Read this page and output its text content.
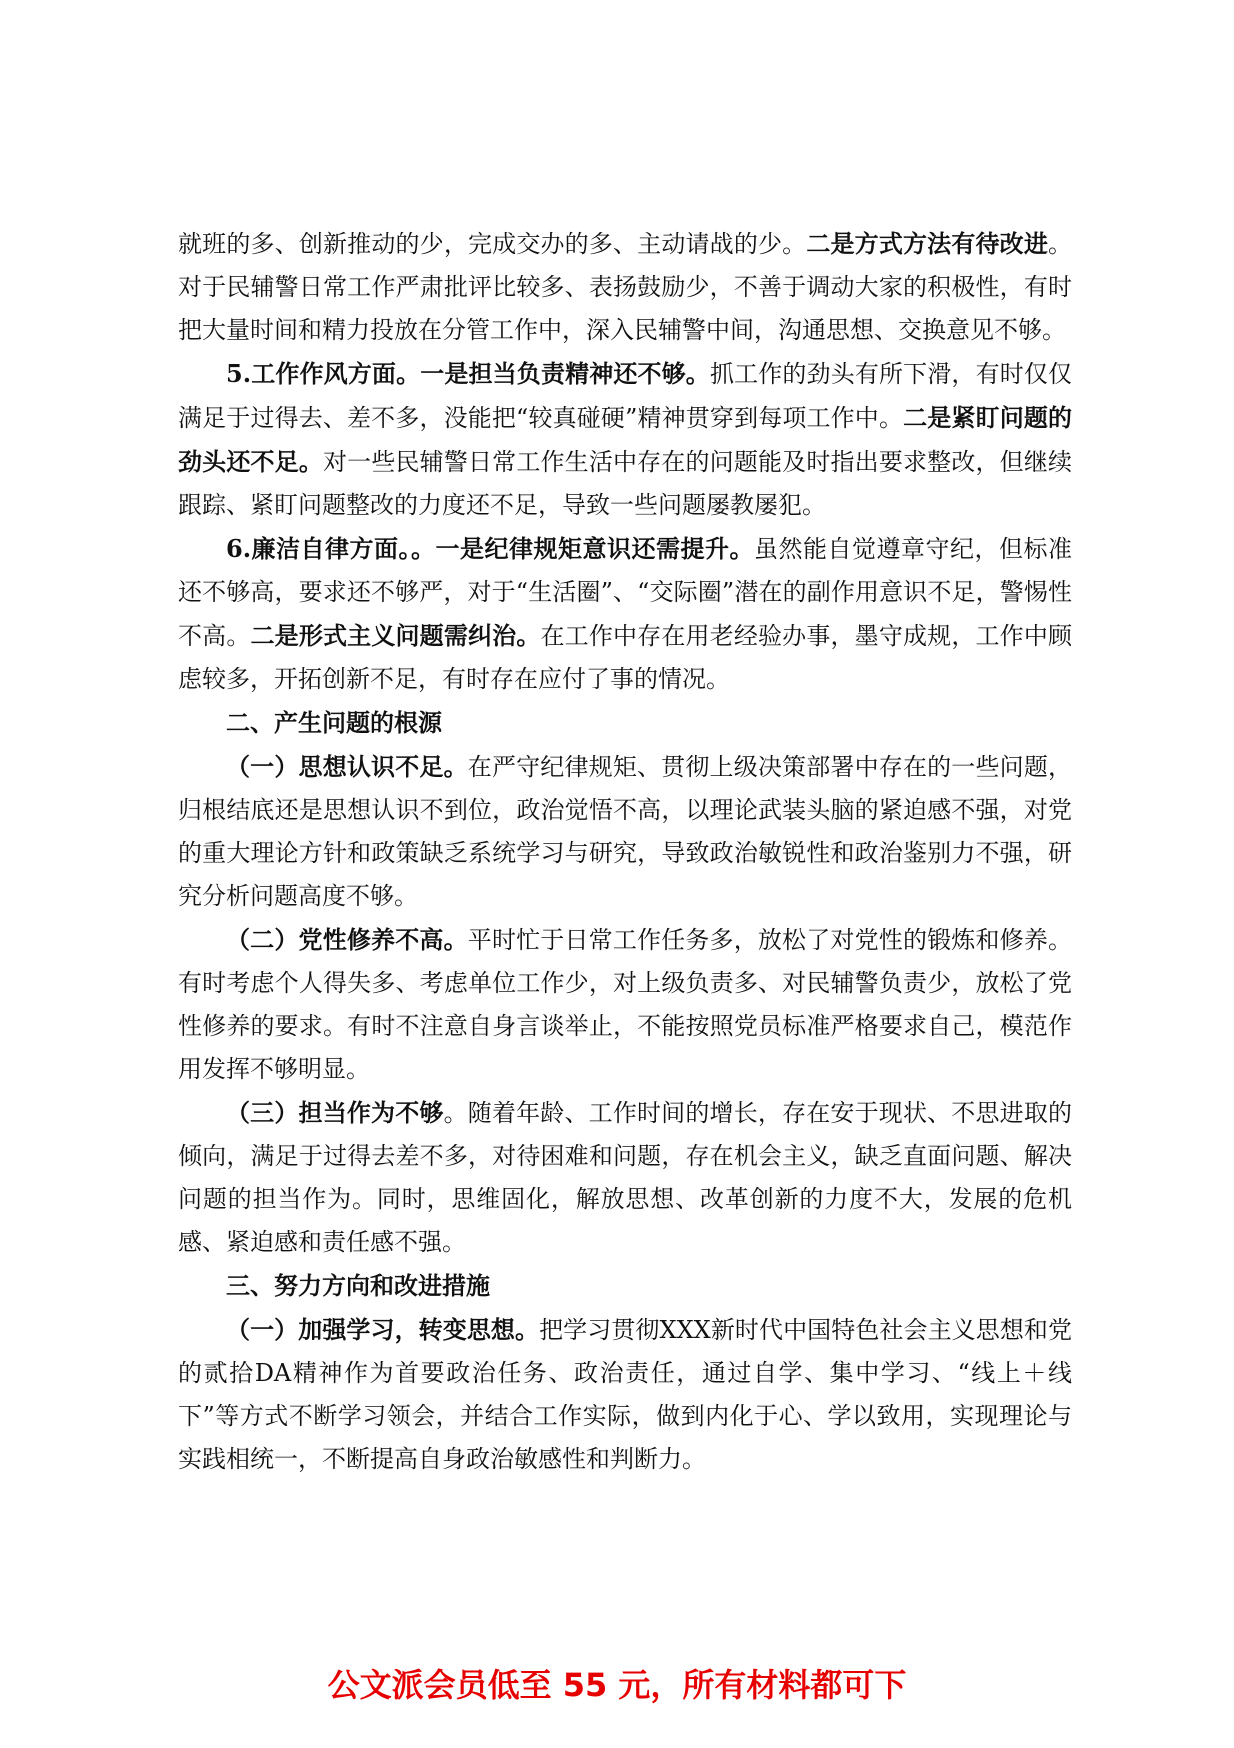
就班的多、创新推动的少，完成交办的多、主动请战的少。二是方式方法有待改进。对于民辅警日常工作严肃批评比较多、表扬鼓励少，不善于调动大家的积极性，有时把大量时间和精力投放在分管工作中，深入民辅警中间，沟通思想、交换意见不够。

5.工作作风方面。一是担当负责精神还不够。抓工作的劲头有所下滑，有时仅仅满足于过得去、差不多，没能把“较真碰硬”精神贯穿到每项工作中。二是紧盯问题的劲头还不足。对一些民辅警日常工作生活中存在的问题能及时指出要求整改，但继续跟踪、紧盯问题整改的力度还不足，导致一些问题屡教屡犯。

6.廉洁自律方面。。一是纪律规矩意识还需提升。虽然能自觉遵章守纪，但标准还不够高，要求还不够严，对于“生活圈”、“交际圈”潜在的副作用意识不足，警惕性不高。二是形式主义问题需纠治。在工作中存在用老经验办事，墨守成规，工作中顾虑较多，开拓创新不足，有时存在应付了事的情况。

二、产生问题的根源

（一）思想认识不足。在严守纪律规矩、贯彻上级决策部署中存在的一些问题，归根结底还是思想认识不到位，政治觉悟不高，以理论武装头脑的紧迫感不强，对党的重大理论方针和政策缺乏系统学习与研究，导致政治敏锐性和政治鉴别力不强，研究分析问题高度不够。

（二）党性修养不高。平时忙于日常工作任务多，放松了对党性的锻炼和修养。有时考虑个人得失多、考虑单位工作少，对上级负责多、对民辅警负责少，放松了党性修养的要求。有时不注意自身言谈举止，不能按照党员标准严格要求自己，模范作用发挥不够明显。

（三）担当作为不够。随着年龄、工作时间的增长，存在安于现状、不思进取的倾向，满足于过得去差不多，对待困难和问题，存在机会主义，缺乏直面问题、解决问题的担当作为。同时，思维固化，解放思想、改革创新的力度不大，发展的危机感、紧迫感和责任感不强。

三、努力方向和改进措施

（一）加强学习，转变思想。把学习贯彻XXX新时代中国特色社会主义思想和党的贰拾DA精神作为首要政治任务、政治责任，通过自学、集中学习、“线上＋线下”等方式不断学习领会，并结合工作实际，做到内化于心、学以致用，实现理论与实践相统一，不断提高自身政治敏感性和判断力。

公文派会员低至 55 元，所有材料都可下
